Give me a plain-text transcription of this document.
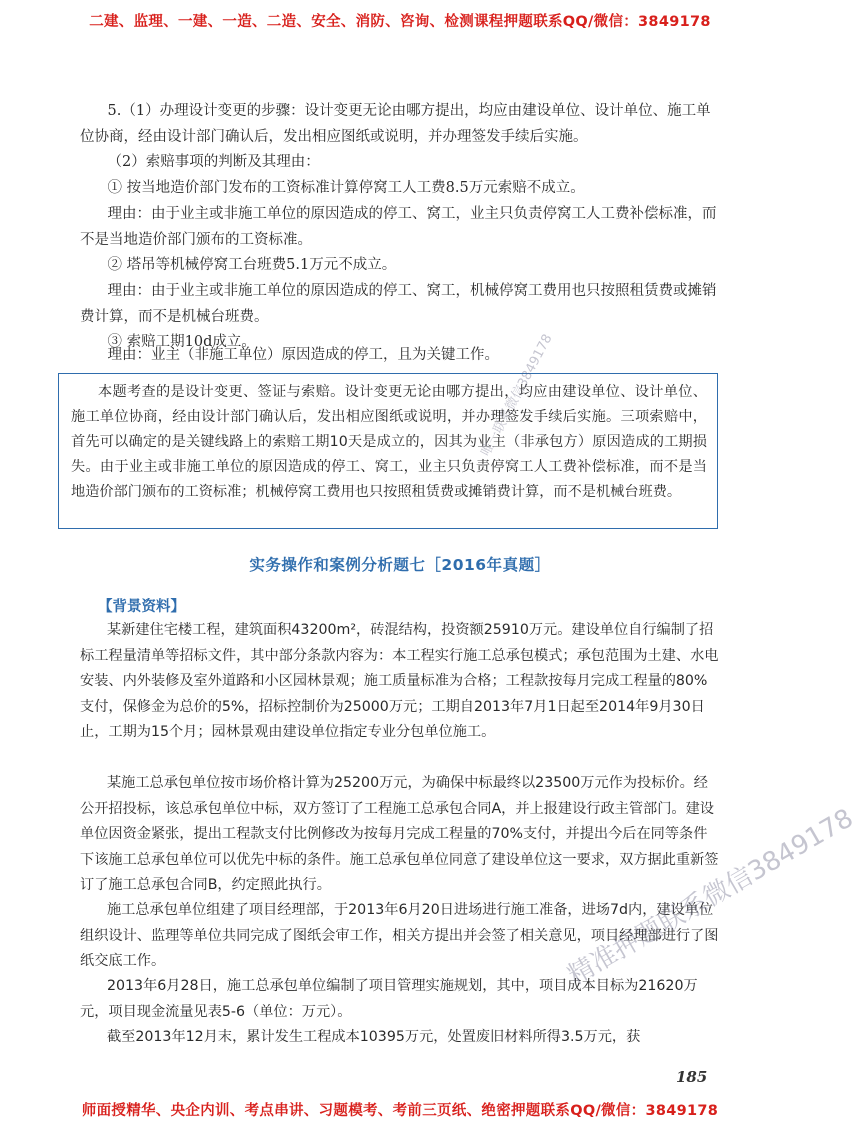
二建、监理、一建、一造、二造、安全、消防、咨询、检测课程押题联系QQ/微信：3849178

5.（1）办理设计变更的步骤：设计变更无论由哪方提出，均应由建设单位、设计单位、施工单位协商，经由设计部门确认后，发出相应图纸或说明，并办理签发手续后实施。

（2）索赔事项的判断及其理由：

① 按当地造价部门发布的工资标准计算停窝工人工费8.5万元索赔不成立。

理由：由于业主或非施工单位的原因造成的停工、窝工，业主只负责停窝工人工费补偿标准，而不是当地造价部门颁布的工资标准。

② 塔吊等机械停窝工台班费5.1万元不成立。

理由：由于业主或非施工单位的原因造成的停工、窝工，机械停窝工费用也只按照租赁费或摊销费计算，而不是机械台班费。

③ 索赔工期10d成立。

理由：业主（非施工单位）原因造成的停工，且为关键工作。

本题考查的是设计变更、签证与索赔。设计变更无论由哪方提出，均应由建设单位、设计单位、施工单位协商，经由设计部门确认后，发出相应图纸或说明，并办理签发手续后实施。三项索赔中，首先可以确定的是关键线路上的索赔工期10天是成立的，因其为业主（非承包方）原因造成的工期损失。由于业主或非施工单位的原因造成的停工、窝工，业主只负责停窝工人工费补偿标准，而不是当地造价部门颁布的工资标准；机械停窝工费用也只按照租赁费或摊销费计算，而不是机械台班费。
实务操作和案例分析题七［2016年真题］
【背景资料】

某新建住宅楼工程，建筑面积43200m²，砖混结构，投资额25910万元。建设单位自行编制了招标工程量清单等招标文件，其中部分条款内容为：本工程实行施工总承包模式；承包范围为土建、水电安装、内外装修及室外道路和小区园林景观；施工质量标准为合格；工程款按每月完成工程量的80%支付，保修金为总价的5%，招标控制价为25000万元；工期自2013年7月1日起至2014年9月30日止，工期为15个月；园林景观由建设单位指定专业分包单位施工。

某施工总承包单位按市场价格计算为25200万元，为确保中标最终以23500万元作为投标价。经公开招投标，该总承包单位中标，双方签订了工程施工总承包合同A，并上报建设行政主管部门。建设单位因资金紧张，提出工程款支付比例修改为按每月完成工程量的70%支付，并提出今后在同等条件下该施工总承包单位可以优先中标的条件。施工总承包单位同意了建设单位这一要求，双方据此重新签订了施工总承包合同B，约定照此执行。

施工总承包单位组建了项目经理部，于2013年6月20日进场进行施工准备，进场7d内，建设单位组织设计、监理等单位共同完成了图纸会审工作，相关方提出并会签了相关意见，项目经理部进行了图纸交底工作。

2013年6月28日，施工总承包单位编制了项目管理实施规划，其中，项目成本目标为21620万元，项目现金流量见表5-6（单位：万元）。

截至2013年12月末，累计发生工程成本10395万元，处置废旧材料所得3.5万元，获

185
师面授精华、央企内训、考点串讲、习题模考、考前三页纸、绝密押题联系QQ/微信：3849178
精准押题联系微信3849178
唯一联系微信3849178
